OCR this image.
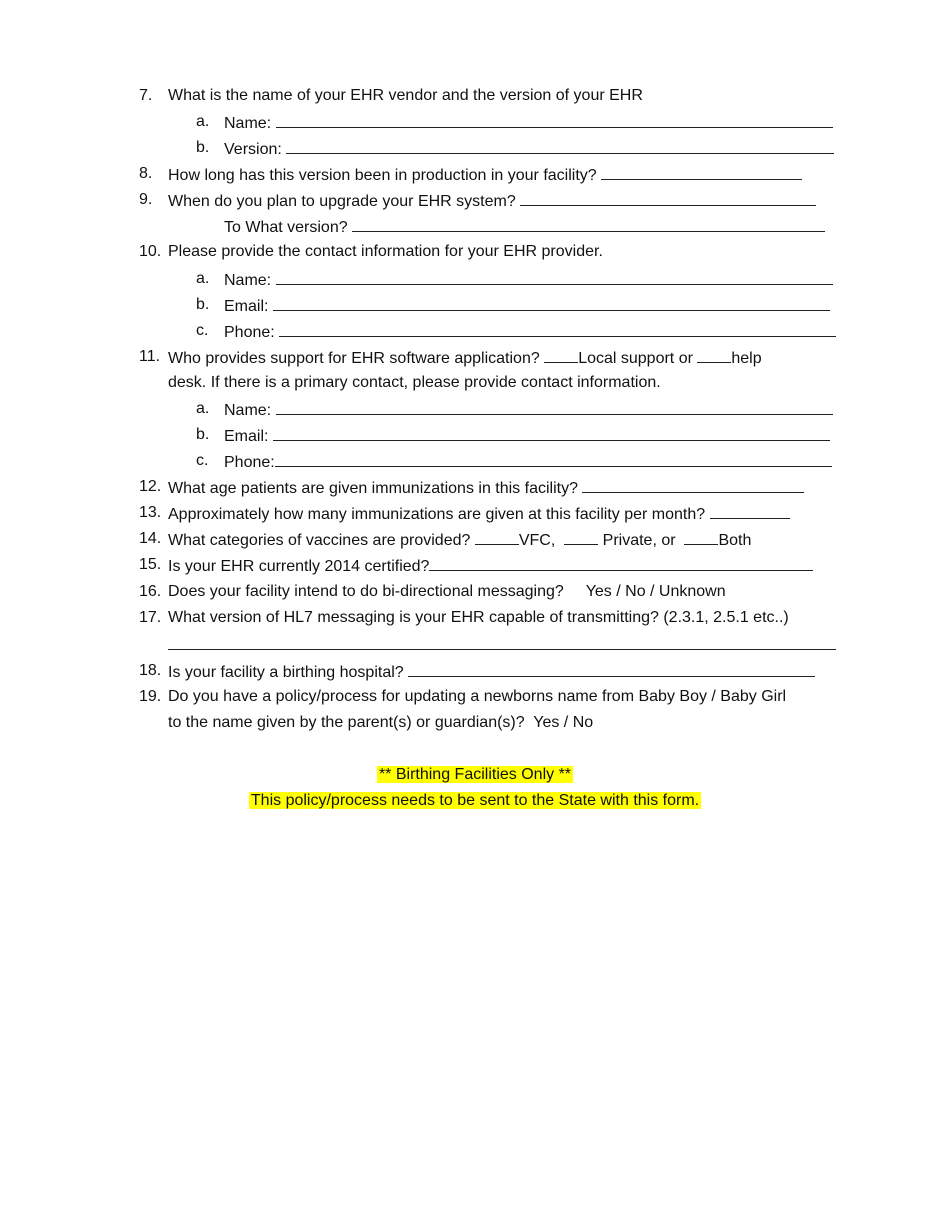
7. What is the name of your EHR vendor and the version of your EHR
a. Name:
b. Version:
8. How long has this version been in production in your facility?
9. When do you plan to upgrade your EHR system?
To What version?
10. Please provide the contact information for your EHR provider.
a. Name:
b. Email:
c. Phone:
11. Who provides support for EHR software application? Local support or help
desk. If there is a primary contact, please provide contact information.
a. Name:
b. Email:
c. Phone:
12. What age patients are given immunizations in this facility?
13. Approximately how many immunizations are given at this facility per month?
14. What categories of vaccines are provided?	VFC,	Private, or	Both
15. Is your EHR currently 2014 certified?
16. Does your facility intend to do bi-directional messaging? Yes / No / Unknown
17. What version of HL7 messaging is your EHR capable of transmitting? (2.3.1, 2.5.1 etc..)
18. Is your facility a birthing hospital?
19. Do you have a policy/process for updating a newborns name from Baby Boy / Baby Girl
to the name given by the parent(s) or guardian(s)? Yes / No
** Birthing Facilities Only **
This policy/process needs to be sent to the State with this form.
